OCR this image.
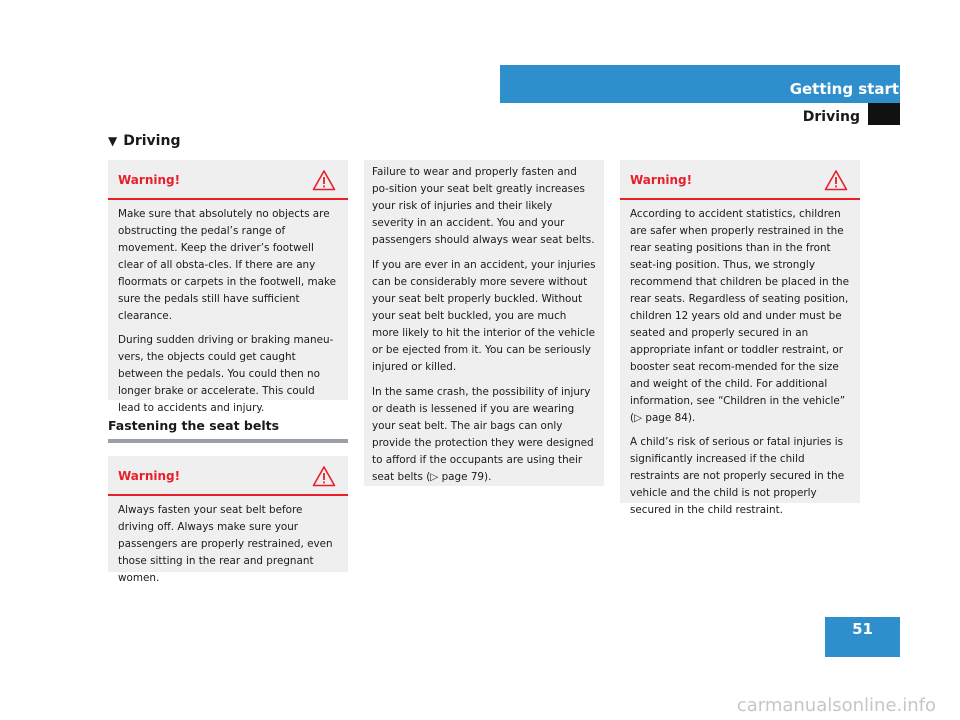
Getting started
Driving
▼ Driving
Warning!

Make sure that absolutely no objects are obstructing the pedal’s range of movement. Keep the driver’s footwell clear of all obsta-cles. If there are any floormats or carpets in the footwell, make sure the pedals still have sufficient clearance.

During sudden driving or braking maneu-vers, the objects could get caught between the pedals. You could then no longer brake or accelerate. This could lead to accidents and injury.

Fastening the seat belts
Warning!

Always fasten your seat belt before driving off. Always make sure your passengers are properly restrained, even those sitting in the rear and pregnant women.

Failure to wear and properly fasten and po-sition your seat belt greatly increases your risk of injuries and their likely severity in an accident. You and your passengers should always wear seat belts.

If you are ever in an accident, your injuries can be considerably more severe without your seat belt properly buckled. Without your seat belt buckled, you are much more likely to hit the interior of the vehicle or be ejected from it. You can be seriously injured or killed.

In the same crash, the possibility of injury or death is lessened if you are wearing your seat belt. The air bags can only provide the protection they were designed to afford if the occupants are using their seat belts (▷ page 79).

Warning!

According to accident statistics, children are safer when properly restrained in the rear seating positions than in the front seat-ing position. Thus, we strongly recommend that children be placed in the rear seats. Regardless of seating position, children 12 years old and under must be seated and properly secured in an appropriate infant or toddler restraint, or booster seat recom-mended for the size and weight of the child. For additional information, see “Children in the vehicle” (▷ page 84).

A child’s risk of serious or fatal injuries is significantly increased if the child restraints are not properly secured in the vehicle and the child is not properly secured in the child restraint.

51
carmanualsonline.info
